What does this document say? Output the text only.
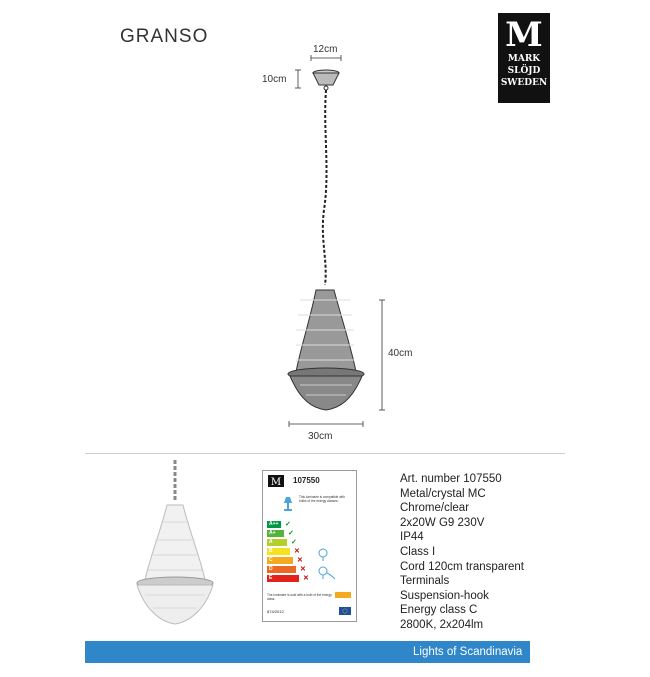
GRANSO	M
MARK
SLÖJD
SWEDEN
12cm
10cm
40cm
30cm
M 107550
This luminaire is compatible with bulbs of the energy classes:
A++ ✓
A+	✓
A	✓
B	✕
C	✕
D	✕
E	✕
The luminaire is sold with a bulb of the energy class:
874/2012
Art. number 107550
Metal/crystal MC
Chrome/clear
2x20W G9 230V
IP44
Class I
Cord 120cm transparent
Terminals
Suspension-hook
Energy class C
2800K, 2x204lm
Lights of Scandinavia
